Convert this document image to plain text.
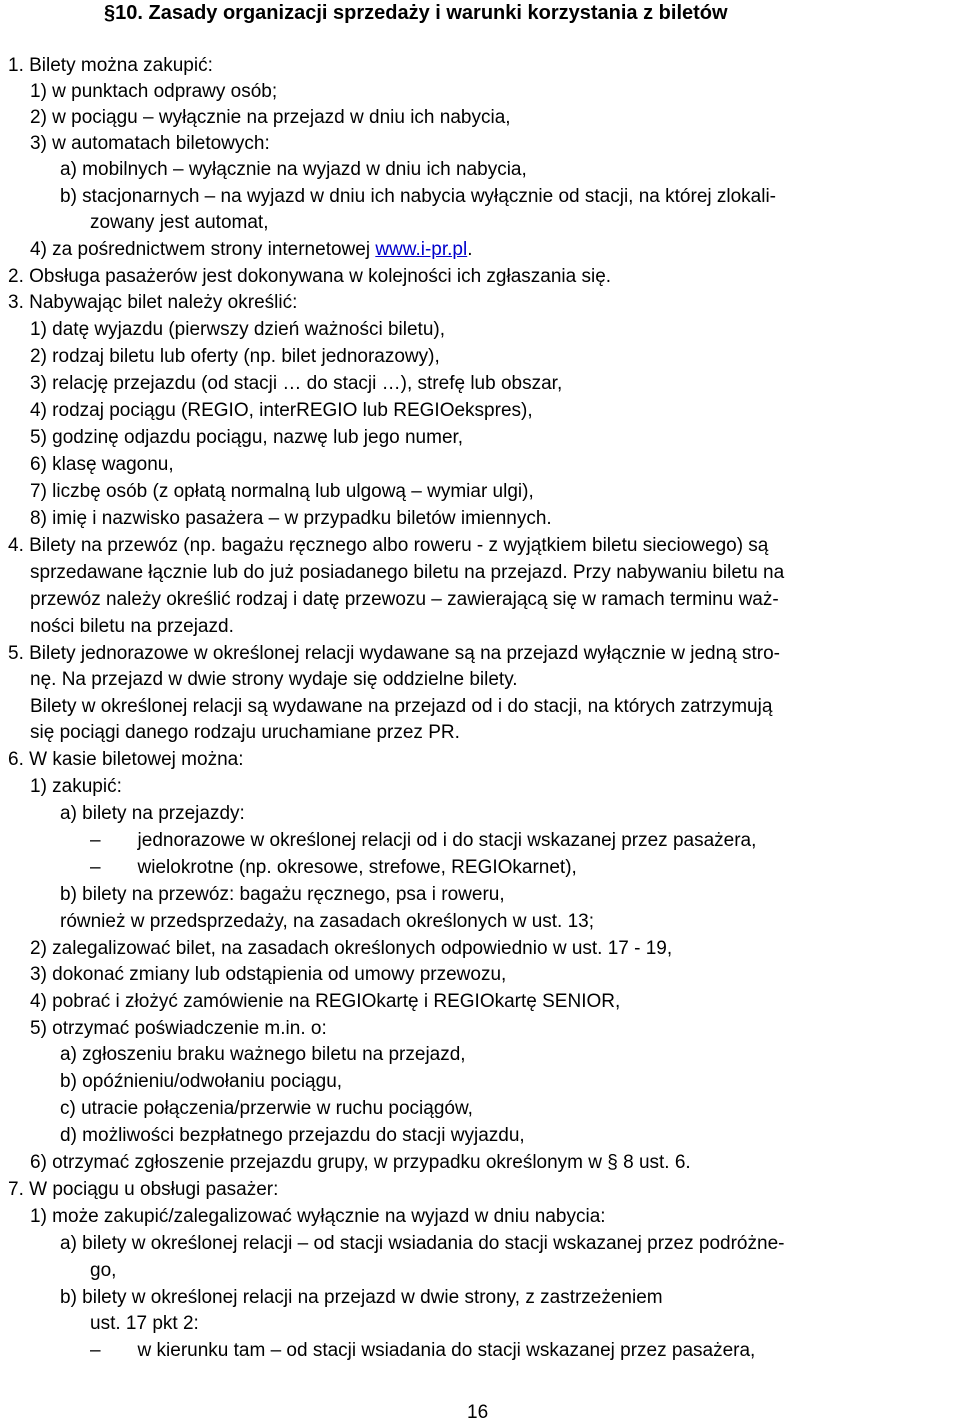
§10. Zasady organizacji sprzedaży i warunki korzystania z biletów
1. Bilety można zakupić:
1) w punktach odprawy osób;
2) w pociągu – wyłącznie na przejazd w dniu ich nabycia,
3) w automatach biletowych:
a) mobilnych – wyłącznie na wyjazd w dniu ich nabycia,
b) stacjonarnych – na wyjazd w dniu ich nabycia wyłącznie od stacji, na której zlokali-
zowany jest automat,
4) za pośrednictwem strony internetowej www.i-pr.pl.
2. Obsługa pasażerów jest dokonywana w kolejności ich zgłaszania się.
3. Nabywając bilet należy określić:
1) datę wyjazdu (pierwszy dzień ważności biletu),
2) rodzaj biletu lub oferty (np. bilet jednorazowy),
3) relację przejazdu (od stacji … do stacji …), strefę lub obszar,
4) rodzaj pociągu (REGIO, interREGIO lub REGIOekspres),
5) godzinę odjazdu pociągu, nazwę lub jego numer,
6) klasę wagonu,
7) liczbę osób (z opłatą normalną lub ulgową – wymiar ulgi),
8) imię i nazwisko pasażera – w przypadku biletów imiennych.
4. Bilety na przewóz (np. bagażu ręcznego albo roweru - z wyjątkiem biletu sieciowego) są
sprzedawane łącznie lub do już posiadanego biletu na przejazd. Przy nabywaniu biletu na
przewóz należy określić rodzaj i datę przewozu – zawierającą się w ramach terminu waż-
ności biletu na przejazd.
5. Bilety jednorazowe w określonej relacji wydawane są na przejazd wyłącznie w jedną stro-
nę. Na przejazd w dwie strony wydaje się oddzielne bilety.
Bilety w określonej relacji są wydawane na przejazd od i do stacji, na których zatrzymują
się pociągi danego rodzaju uruchamiane przez PR.
6. W kasie biletowej można:
1) zakupić:
a) bilety na przejazdy:
– jednorazowe w określonej relacji od i do stacji wskazanej przez pasażera,
– wielokrotne (np. okresowe, strefowe, REGIOkarnet),
b) bilety na przewóz: bagażu ręcznego, psa i roweru,
również w przedsprzedaży, na zasadach określonych w ust. 13;
2) zalegalizować bilet, na zasadach określonych odpowiednio w ust. 17 - 19,
3) dokonać zmiany lub odstąpienia od umowy przewozu,
4) pobrać i złożyć zamówienie na REGIOkartę i REGIOkartę SENIOR,
5) otrzymać poświadczenie m.in. o:
a) zgłoszeniu braku ważnego biletu na przejazd,
b) opóźnieniu/odwołaniu pociągu,
c) utracie połączenia/przerwie w ruchu pociągów,
d) możliwości bezpłatnego przejazdu do stacji wyjazdu,
6) otrzymać zgłoszenie przejazdu grupy, w przypadku określonym w § 8 ust. 6.
7. W pociągu u obsługi pasażer:
1) może zakupić/zalegalizować wyłącznie na wyjazd w dniu nabycia:
a) bilety w określonej relacji – od stacji wsiadania do stacji wskazanej przez podróżne-
go,
b) bilety w określonej relacji na przejazd w dwie strony, z zastrzeżeniem
ust. 17 pkt 2:
– w kierunku tam – od stacji wsiadania do stacji wskazanej przez pasażera,
16
